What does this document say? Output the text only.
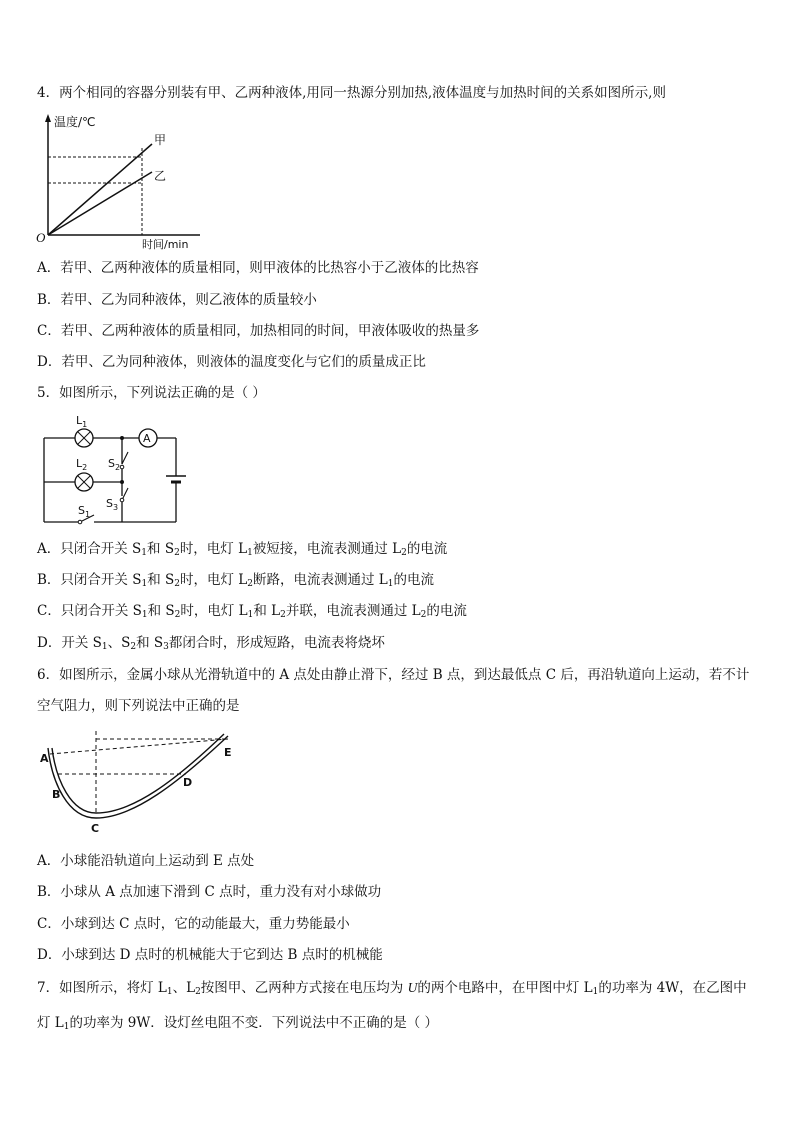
4．两个相同的容器分别装有甲、乙两种液体,用同一热源分别加热,液体温度与加热时间的关系如图所示,则
温度/℃
时间/min
O
甲
乙
A．若甲、乙两种液体的质量相同，则甲液体的比热容小于乙液体的比热容
B．若甲、乙为同种液体，则乙液体的质量较小
C．若甲、乙两种液体的质量相同，加热相同的时间，甲液体吸收的热量多
D．若甲、乙为同种液体，则液体的温度变化与它们的质量成正比
5．如图所示，下列说法正确的是（ ）
A
$L_1$
$L_2$ $S_2$
$S_3$
$S_1$
A．只闭合开关 $S_1$和 $S_2$时，电灯 $L_1$被短接，电流表测通过 $L_2$的电流
B．只闭合开关 $S_1$和 $S_2$时，电灯 $L_2$断路，电流表测通过 $L_1$的电流
C．只闭合开关 $S_1$和 $S_2$时，电灯 $L_1$和 $L_2$并联，电流表测通过 $L_2$的电流
D．开关 $S_1$、$S_2$和 $S_3$都闭合时，形成短路，电流表将烧坏
6．如图所示，金属小球从光滑轨道中的 A 点处由静止滑下，经过 B 点，到达最低点 C 后，再沿轨道向上运动，若不计空气阻力，则下列说法中正确的是
A
B
C
D
E
A．小球能沿轨道向上运动到 E 点处
B．小球从 A 点加速下滑到 C 点时，重力没有对小球做功
C．小球到达 C 点时，它的动能最大，重力势能最小
D．小球到达 D 点时的机械能大于它到达 B 点时的机械能
7．如图所示，将灯 $L_1$、$L_2$按图甲、乙两种方式接在电压均为 U的两个电路中，在甲图中灯 $L_1$的功率为 4W，在乙图中灯 $L_1$的功率为 9W．设灯丝电阻不变．下列说法中不正确的是（ ）
